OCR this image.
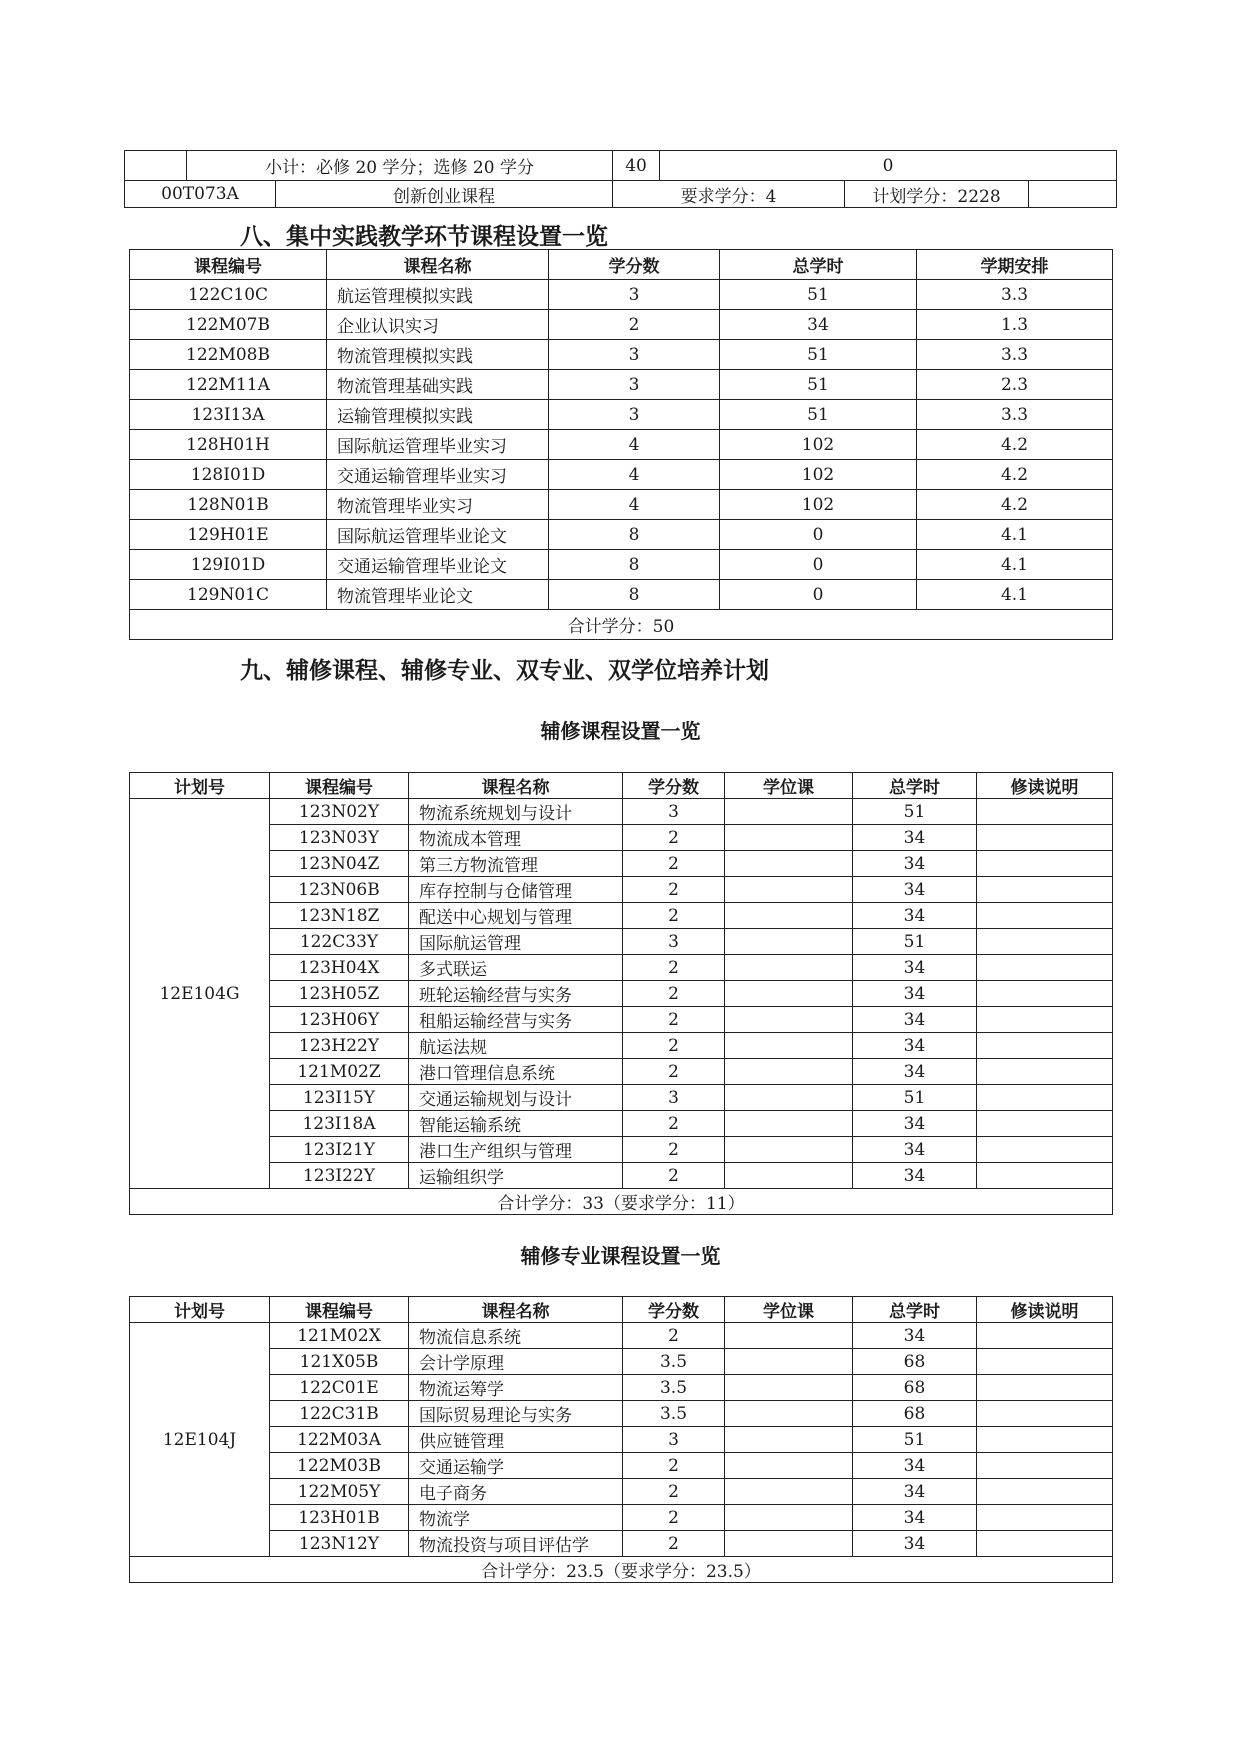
	小计：必修 20 学分；选修 20 学分		40	0		
00T073A		创新创业课程	要求学分：4		计划学分：2228	
八、集中实践教学环节课程设置一览
课程编号	课程名称	学分数	总学时	学期安排
122C10C	航运管理模拟实践	3	51	3.3
122M07B	企业认识实习	2	34	1.3
122M08B	物流管理模拟实践	3	51	3.3
122M11A	物流管理基础实践	3	51	2.3
123I13A	运输管理模拟实践	3	51	3.3
128H01H	国际航运管理毕业实习	4	102	4.2
128I01D	交通运输管理毕业实习	4	102	4.2
128N01B	物流管理毕业实习	4	102	4.2
129H01E	国际航运管理毕业论文	8	0	4.1
129I01D	交通运输管理毕业论文	8	0	4.1
129N01C	物流管理毕业论文	8	0	4.1
合计学分：50				
九、辅修课程、辅修专业、双专业、双学位培养计划
辅修课程设置一览
计划号	课程编号	课程名称	学分数	学位课	总学时	修读说明
12E104G	123N02Y	物流系统规划与设计	3		51	
	123N03Y	物流成本管理	2		34	
	123N04Z	第三方物流管理	2		34	
	123N06B	库存控制与仓储管理	2		34	
	123N18Z	配送中心规划与管理	2		34	
	122C33Y	国际航运管理	3		51	
	123H04X	多式联运	2		34	
	123H05Z	班轮运输经营与实务	2		34	
	123H06Y	租船运输经营与实务	2		34	
	123H22Y	航运法规	2		34	
	121M02Z	港口管理信息系统	2		34	
	123I15Y	交通运输规划与设计	3		51	
	123I18A	智能运输系统	2		34	
	123I21Y	港口生产组织与管理	2		34	
	123I22Y	运输组织学	2		34	
合计学分：33（要求学分：11）						
辅修专业课程设置一览
计划号	课程编号	课程名称	学分数	学位课	总学时	修读说明
12E104J	121M02X	物流信息系统	2		34	
	121X05B	会计学原理	3.5		68	
	122C01E	物流运筹学	3.5		68	
	122C31B	国际贸易理论与实务	3.5		68	
	122M03A	供应链管理	3		51	
	122M03B	交通运输学	2		34	
	122M05Y	电子商务	2		34	
	123H01B	物流学	2		34	
	123N12Y	物流投资与项目评估学	2		34	
合计学分：23.5（要求学分：23.5）						
